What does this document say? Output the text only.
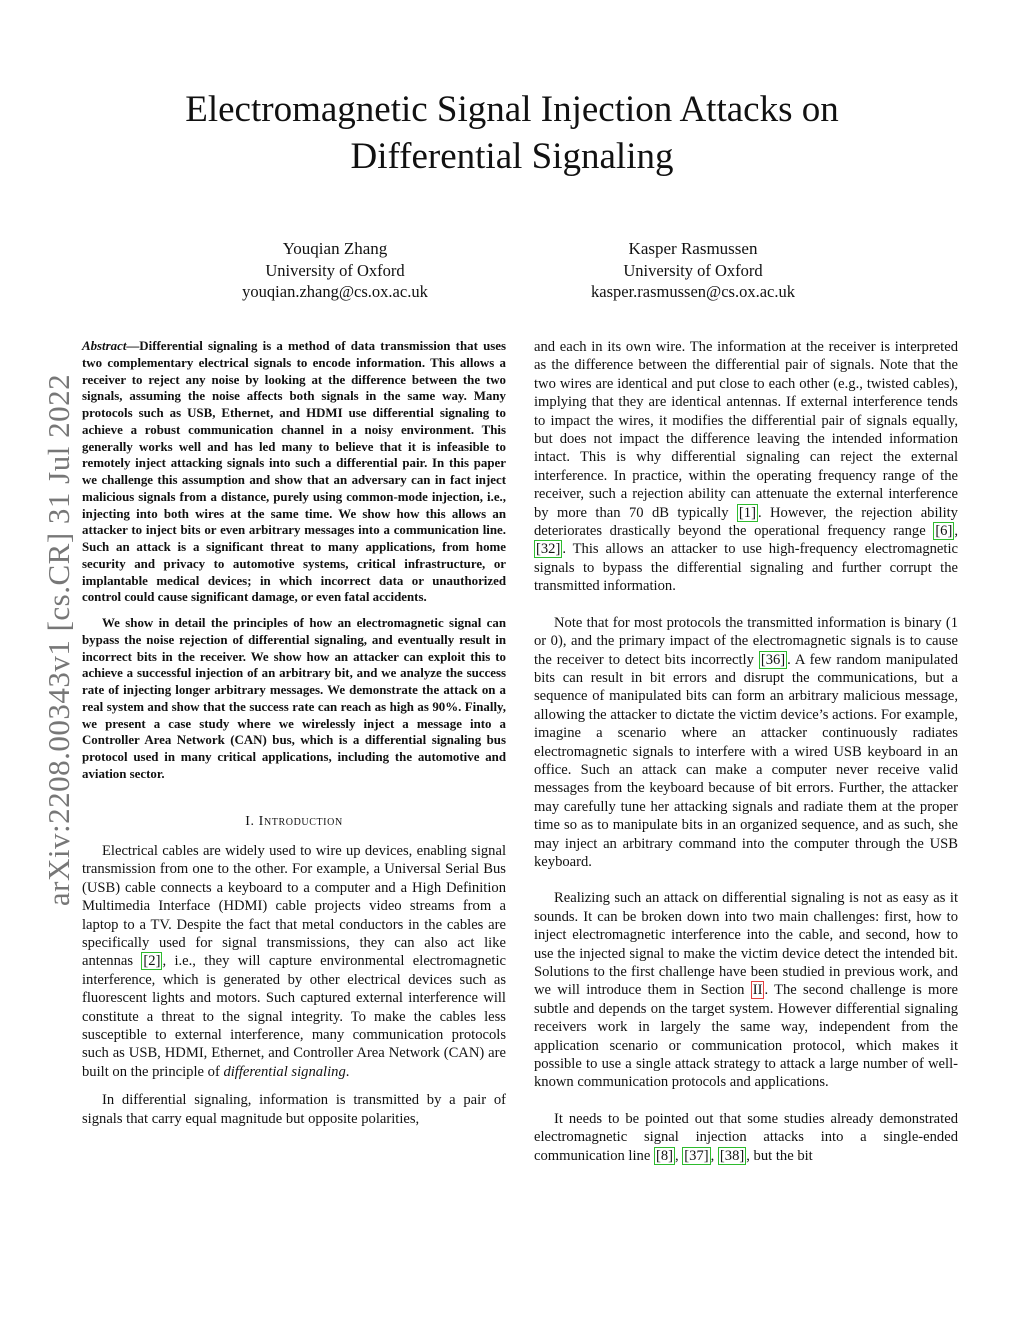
Electromagnetic Signal Injection Attacks on
Differential Signaling
Youqian Zhang
University of Oxford
youqian.zhang@cs.ox.ac.uk
Kasper Rasmussen
University of Oxford
kasper.rasmussen@cs.ox.ac.uk
arXiv:2208.00343v1 [cs.CR] 31 Jul 2022

Abstract—Differential signaling is a method of data transmission that uses two complementary electrical signals to encode information. This allows a receiver to reject any noise by looking at the difference between the two signals, assuming the noise affects both signals in the same way. Many protocols such as USB, Ethernet, and HDMI use differential signaling to achieve a robust communication channel in a noisy environment. This generally works well and has led many to believe that it is infeasible to remotely inject attacking signals into such a differential pair. In this paper we challenge this assumption and show that an adversary can in fact inject malicious signals from a distance, purely using common-mode injection, i.e., injecting into both wires at the same time. We show how this allows an attacker to inject bits or even arbitrary messages into a communication line. Such an attack is a significant threat to many applications, from home security and privacy to automotive systems, critical infrastructure, or implantable medical devices; in which incorrect data or unauthorized control could cause significant damage, or even fatal accidents.

We show in detail the principles of how an electromagnetic signal can bypass the noise rejection of differential signaling, and eventually result in incorrect bits in the receiver. We show how an attacker can exploit this to achieve a successful injection of an arbitrary bit, and we analyze the success rate of injecting longer arbitrary messages. We demonstrate the attack on a real system and show that the success rate can reach as high as 90%. Finally, we present a case study where we wirelessly inject a message into a Controller Area Network (CAN) bus, which is a differential signaling bus protocol used in many critical applications, including the automotive and aviation sector.

I. Introduction

Electrical cables are widely used to wire up devices, enabling signal transmission from one to the other. For example, a Universal Serial Bus (USB) cable connects a keyboard to a computer and a High Definition Multimedia Interface (HDMI) cable projects video streams from a laptop to a TV. Despite the fact that metal conductors in the cables are specifically used for signal transmissions, they can also act like antennas [2] , i.e., they will capture environmental electromagnetic interference, which is generated by other electrical devices such as fluorescent lights and motors. Such captured external interference will constitute a threat to the signal integrity. To make the cables less susceptible to external interference, many communication protocols such as USB, HDMI, Ethernet, and Controller Area Network (CAN) are built on the principle of differential signaling.

In differential signaling, information is transmitted by a pair of signals that carry equal magnitude but opposite polarities,

and each in its own wire. The information at the receiver is interpreted as the difference between the differential pair of signals. Note that the two wires are identical and put close to each other (e.g., twisted cables), implying that they are identical antennas. If external interference tends to impact the wires, it modifies the differential pair of signals equally, but does not impact the difference leaving the intended information intact. This is why differential signaling can reject the external interference. In practice, within the operating frequency range of the receiver, such a rejection ability can attenuate the external interference by more than 70 dB typically [1] . However, the rejection ability deteriorates drastically beyond the operational frequency range [6] , [32] . This allows an attacker to use high-frequency electromagnetic signals to bypass the differential signaling and further corrupt the transmitted information.

Note that for most protocols the transmitted information is binary (1 or 0), and the primary impact of the electromagnetic signals is to cause the receiver to detect bits incorrectly [36] . A few random manipulated bits can result in bit errors and disrupt the communications, but a sequence of manipulated bits can form an arbitrary malicious message, allowing the attacker to dictate the victim device’s actions. For example, imagine a scenario where an attacker continuously radiates electromagnetic signals to interfere with a wired USB keyboard in an office. Such an attack can make a computer never receive valid messages from the keyboard because of bit errors. Further, the attacker may carefully tune her attacking signals and radiate them at the proper time so as to manipulate bits in an organized sequence, and as such, she may inject an arbitrary command into the computer through the USB keyboard.

Realizing such an attack on differential signaling is not as easy as it sounds. It can be broken down into two main challenges: first, how to inject electromagnetic interference into the cable, and second, how to use the injected signal to make the victim device detect the intended bit. Solutions to the first challenge have been studied in previous work, and we will introduce them in Section II . The second challenge is more subtle and depends on the target system. However differential signaling receivers work in largely the same way, independent from the application scenario or communication protocol, which makes it possible to use a single attack strategy to attack a large number of well-known communication protocols and applications.

It needs to be pointed out that some studies already demonstrated electromagnetic signal injection attacks into a single-ended communication line [8] , [37] , [38] , but the bit
